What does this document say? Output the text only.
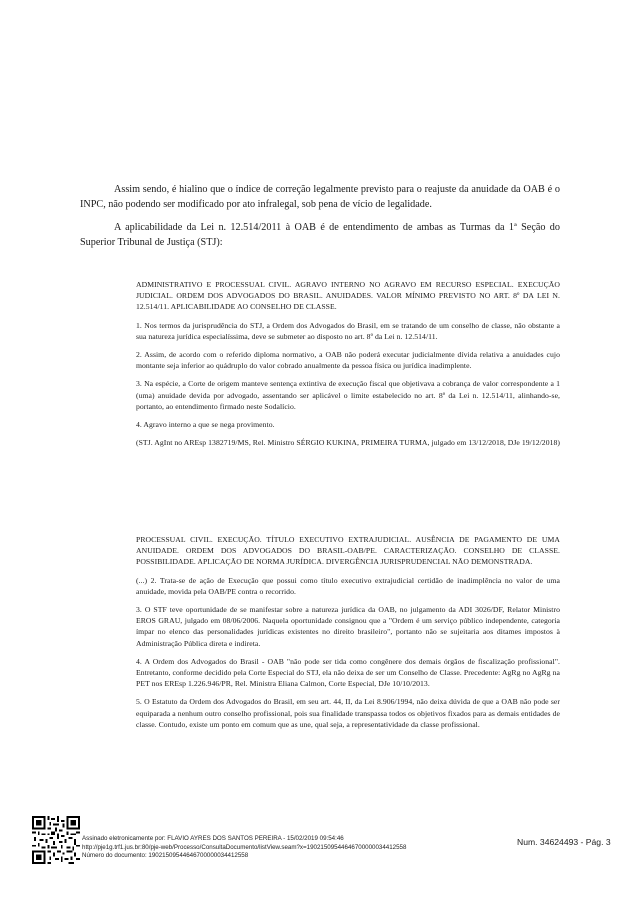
Assim sendo, é hialino que o índice de correção legalmente previsto para o reajuste da anuidade da OAB é o INPC, não podendo ser modificado por ato infralegal, sob pena de vício de legalidade.
A aplicabilidade da Lei n. 12.514/2011 à OAB é de entendimento de ambas as Turmas da 1ª Seção do Superior Tribunal de Justiça (STJ):

ADMINISTRATIVO E PROCESSUAL CIVIL. AGRAVO INTERNO NO AGRAVO EM RECURSO ESPECIAL. EXECUÇÃO JUDICIAL. ORDEM DOS ADVOGADOS DO BRASIL. ANUIDADES. VALOR MÍNIMO PREVISTO NO ART. 8º DA LEI N. 12.514/11. APLICABILIDADE AO CONSELHO DE CLASSE.

1. Nos termos da jurisprudência do STJ, a Ordem dos Advogados do Brasil, em se tratando de um conselho de classe, não obstante a sua natureza jurídica especialíssima, deve se submeter ao disposto no art. 8º da Lei n. 12.514/11.

2. Assim, de acordo com o referido diploma normativo, a OAB não poderá executar judicialmente dívida relativa a anuidades cujo montante seja inferior ao quádruplo do valor cobrado anualmente da pessoa física ou jurídica inadimplente.

3. Na espécie, a Corte de origem manteve sentença extintiva de execução fiscal que objetivava a cobrança de valor correspondente a 1 (uma) anuidade devida por advogado, assentando ser aplicável o limite estabelecido no art. 8º da Lei n. 12.514/11, alinhando-se, portanto, ao entendimento firmado neste Sodalício.

4. Agravo interno a que se nega provimento.

(STJ. AgInt no AREsp 1382719/MS, Rel. Ministro SÉRGIO KUKINA, PRIMEIRA TURMA, julgado em 13/12/2018, DJe 19/12/2018)

PROCESSUAL CIVIL. EXECUÇÃO. TÍTULO EXECUTIVO EXTRAJUDICIAL. AUSÊNCIA DE PAGAMENTO DE UMA ANUIDADE. ORDEM DOS ADVOGADOS DO BRASIL-OAB/PE. CARACTERIZAÇÃO. CONSELHO DE CLASSE. POSSIBILIDADE. APLICAÇÃO DE NORMA JURÍDICA. DIVERGÊNCIA JURISPRUDENCIAL NÃO DEMONSTRADA.

(...) 2. Trata-se de ação de Execução que possui como título executivo extrajudicial certidão de inadimplência no valor de uma anuidade, movida pela OAB/PE contra o recorrido.

3. O STF teve oportunidade de se manifestar sobre a natureza jurídica da OAB, no julgamento da ADI 3026/DF, Relator Ministro EROS GRAU, julgado em 08/06/2006. Naquela oportunidade consignou que a "Ordem é um serviço público independente, categoria ímpar no elenco das personalidades jurídicas existentes no direito brasileiro", portanto não se sujeitaria aos ditames impostos à Administração Pública direta e indireta.

4. A Ordem dos Advogados do Brasil - OAB "não pode ser tida como congênere dos demais órgãos de fiscalização profissional". Entretanto, conforme decidido pela Corte Especial do STJ, ela não deixa de ser um Conselho de Classe. Precedente: AgRg no AgRg na PET nos EREsp 1.226.946/PR, Rel. Ministra Eliana Calmon, Corte Especial, DJe 10/10/2013.

5. O Estatuto da Ordem dos Advogados do Brasil, em seu art. 44, II, da Lei 8.906/1994, não deixa dúvida de que a OAB não pode ser equiparada a nenhum outro conselho profissional, pois sua finalidade transpassa todos os objetivos fixados para as demais entidades de classe. Contudo, existe um ponto em comum que as une, qual seja, a representatividade da classe profissional.

Assinado eletronicamente por: FLAVIO AYRES DOS SANTOS PEREIRA - 15/02/2019 09:54:46
http://pje1g.trf1.jus.br:80/pje-web/Processo/ConsultaDocumento/listView.seam?x=19021509544646700000034412558
Número do documento: 19021509544646700000034412558
Num. 34624493 - Pág. 3
